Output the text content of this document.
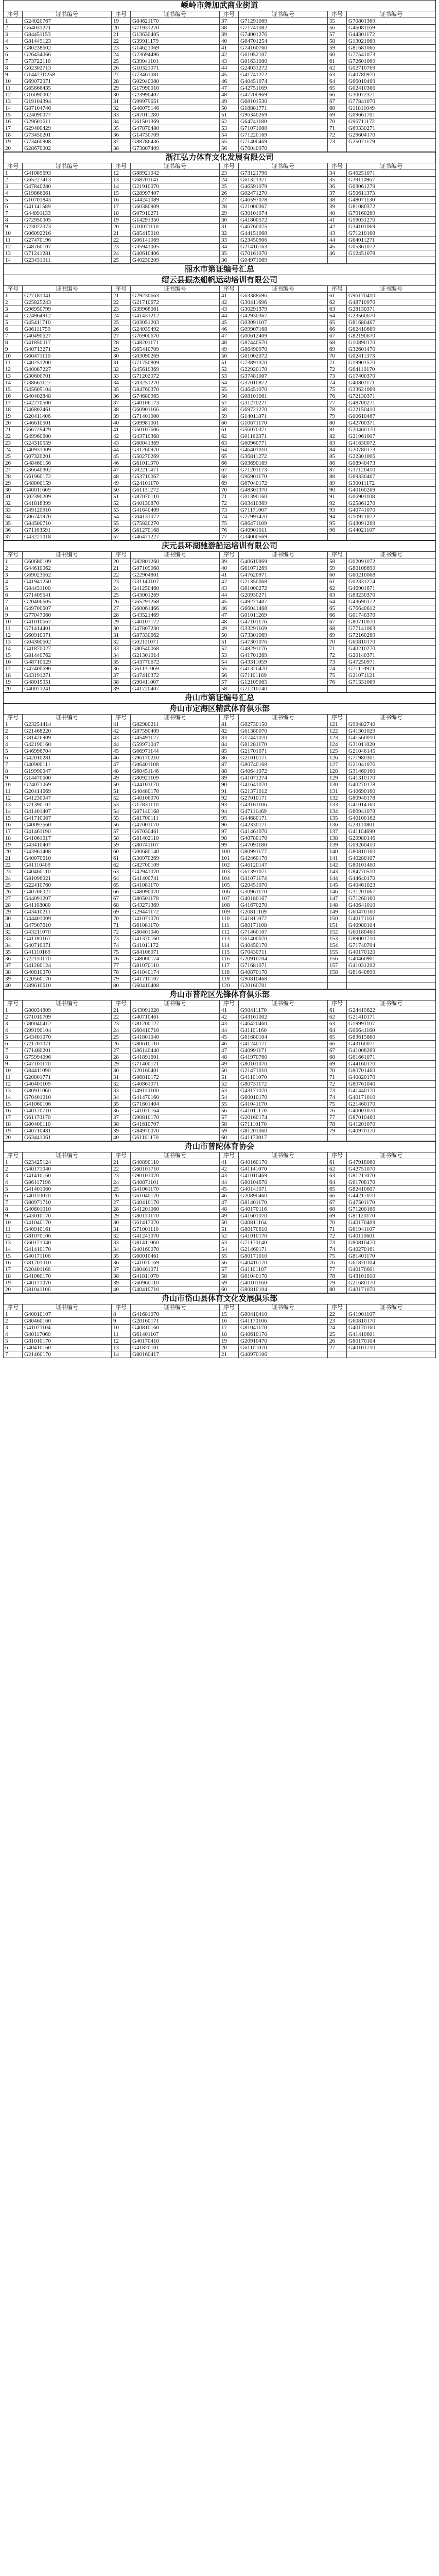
嵊岭市舞加武商业街道
序号	证书编号	序号	证书编号	序号	证书编号	序号	证书编号
1	G24020767	19	G84621170	37	G71291069	55	G70801369
2	G64031271	20	G71931270	38	G71741082	56	G46081169
3	G84451153	21	G13630405	39	G74001276	57	G44301172
4	G81449123	22	G39911179	40	G64701254	58	G13021069
5	G80238602	23	G14621069	41	G74160760	59	G81681066
6	G26434066	24	G23694496	42	G61052107	60	G77541073
7	G73722110	25	G39041101	43	G01631080	61	G72601069
8	G02302713	26	G10321071	44	G24031272	62	G02710769
9	G14473D258	27	G73461081	45	G41741272	63	G40780970
10	G69072071	28	G02940080	46	G40451074	64	G66010469
11	G65666435	29	G17990010	47	G42751169	65	G02410366
12	G16090002	30	G23990407	48	G47700969	66	G30072371
13	G19104394	31	G99979651	49	G68101530	67	G77841070
14	G87104746	32	G46079146	50	G18881771	68	G11811049
15	G24090077	33	G87011280	51	G96340269	69	G09661701
16	G29601611	34	G61501369	52	G64741180	70	G96711172
17	G29400429	35	G47870480	53	G71071080	71	G69330271
18	G73450201	36	G14730709	54	G71220169	72	G29604170
19	G73460908	37	G88786436	55	G71400469	73	G25071179
20	G28670002	38	G73807409	56	G76040970		
浙江弘力体育文化发展有限公司
序号	证书编号	序号	证书编号	序号	证书编号	序号	证书编号
1	G41089693	12	G88921042	23	G73121796	34	G46251071
2	G65227413	13	G68701141	24	G61321371	35	G39110967
3	G47840280	14	G21910070	25	G46591079	36	G03061279
4	G19866661	15	G28997407	26	G02471270	37	G50611373
5	G10701843	16	G44241089	27	G46597078	38	G48071130
6	G41141589	17	G60380909	28	G21000367	39	G81080372
7	G44891133	18	G07910271	29	G30101074	40	G79160269
8	G72950005	19	G14291350	30	G41800572	41	G59031270
9	G23072073	20	G10071110	31	G46760075	42	G34101069
10	G06092216	21	G85415010	32	G44151068	43	G71210168
11	G27470196	22	G06141069	33	G23450906	44	G64011271
12	G48760107	23	G35941005	34	G21416163	45	G05361072
13	G71241281	24	G40610406	35	G70161070	46	G12451078
14	G23431011	25	G40230209	36	G04971069		
丽水市第证编号汇总
缙云县振杰船帆运动培训有限公司
序号	证书编号	序号	证书编号	序号	证书编号	序号	证书编号
1	G27181041	21	G29230663	41	G63388696	61	G96170410
2	G25825243	22	G21710672	42	G30411696	62	G48710970
3	G96950799	23	G39968061	43	G30291379	63	G28130371
4	G24964912	24	G41431212	44	G42930367	64	G23560670
5	G45411710	25	G03051203	45	G03091107	65	G81680467
6	G86111759	26	G24039492	46	G09907168	66	G62410669
7	G40490627	27	G76900670	47	G00612409	67	G82190670
8	G41850017	28	G48201171	48	G87440570	68	G10890170
9	G40713271	29	G65410709	49	G86490970	69	G32601470
10	G60471110	30	G03090269	50	G61002072	70	G02411373
11	G40251200	31	G71750809	51	G73891370	71	G19901570
12	G40087227	32	G45610369	52	G22920170	72	G64110170
13	G30600701	33	G71202072	53	G37481007	73	G17400370
14	G38661127	34	G03251270	54	G37010872	74	G40801171
15	G45605104	35	G84760370	55	G46451070	75	G33621069
16	G40402848	36	G74680965	56	G08101061	76	G72130371
17	G42770500	37	G40106173	57	G31270271	77	G48700271
18	G46802461	38	G60901166	58	G69721270	78	G22150410
19	G20411406	39	G71401000	59	G14011871	79	G00610467
20	G46610501	40	G09981001	60	G10671170	80	G42700371
21	G66729429	41	G50107606	61	G56070371	81	G20460170
22	G49960600	42	G43710368	62	G01160371	82	G21961007
23	G24310559	43	G60041369	63	G60960771	83	G41630072
24	G40931009	44	G31260970	64	G46401010	84	G20780173
25	G07320201	45	G50270269	65	G36811272	85	G22301006
26	G48460156	46	G61011370	66	G03690169	86	G08940473
27	G36640302	47	G02211471	67	G71201173	87	G37120410
28	G61960172	48	G53710067	68	G96901170	88	G69330467
29	G48000159	49	G24101170	69	G67040172	89	G30011172
30	G40011669	50	G61131272	70	G48301370	90	G40160269
31	G02390209	51	G87070110	71	G01390160	91	G06901108
32	G41818399	52	G40130870	72	G03410369	92	G25861270
33	G49120910	53	G41640409	73	G71171007	93	G40741070
34	G06741970	54	G04131072	74	G27991470	94	G10971072
35	G84500710	55	G75820270	75	G86471109	95	G43091269
36	G71163591	56	G61270168	76	G40901011	96	G44021107
37	G43221018	57	G46471227	77	G34000569		
庆元县环湖驰游船运培训有限公司
序号	证书编号	序号	证书编号	序号	证书编号	序号	证书编号
1	G60680109	20	G82801260	39	G40610969	58	G02091072
2	G44610062	21	G87109068	40	G61071269	59	G80108690
3	G69023662	22	G22904801	41	G47620971	60	G60210068
4	G41941250	23	G31140107	42	G21350068	61	G02331274
5	G84431100	24	G41250460	43	G61000272	62	G46901671
6	G71409641	25	G43001269	44	G20930271	63	G83230370
7	G20406605	26	G65291268	45	G49271407	64	G43690172
8	G49700607	27	G60061466	46	G66041468	65	G76640612
9	G77047060	28	G43521469	47	G01011269	66	G01740370
10	G41010667	29	G40107172	48	G47101176	67	G80710070
11	G71414401	30	G47807230	49	G33291169	68	G77141063
12	G60910071	31	G87330662	50	G73301069	69	G72160269
13	G04300602	32	G02111071	51	G47301076	70	G60810170
14	G41870027	33	G80540068	52	G48291176	71	G40210270
15	G81440762	34	G21301014	53	G41701269	72	G20140371
16	G48710629	35	G43770672	54	G43311059	73	G47250971
17	G47400690	36	G61131069	55	G41320470	74	G71110971
18	G43191271	37	G47410372	56	G71101169	75	G21071121
19	G48015051	38	G90411007	57	G12109065	76	G71331069
20	G40071241	39	G41720407	58	G71210740		
舟山市第证编号汇总
舟山市定海区精武体育俱乐部
序号	证书编号	序号	证书编号	序号	证书编号	序号	证书编号
1	G23254414	41	G82980211	81	G82730150	121	G99482740
2	G21468220	42	G87590409	82	G61380070	122	G41301029
3	G81426909	43	G45491127	83	G17441070	123	G41560010
4	G42190160	44	G59971047	84	G81281170	124	G31011020
5	G46996704	45	G66971144	85	G21701071	125	G21046145
6	G42010281	46	G96170210	86	G21010171	126	G71980301
7	G40900111	47	G06401108	87	G80740168	127	G21041076
8	G19990047	48	G60451146	88	G40641072	128	G31460160
9	G14470600	49	G80921109	89	G41071274	129	G41310170
10	G24071069	50	G44101170	90	G41641070	130	G40270178
11	G20414669	51	G40480170	91	G21371012	131	G40690160
12	G41230047	52	G40106070	92	G27010171	132	G80940178
13	G71390107	53	G17831110	93	G43161106	133	G41014160
14	G41401407	54	G87140168	94	G47111469	134	G80941078
15	G41710067	55	G81700111	95	G44680171	135	G40100162
16	G40097660	56	G47001170	96	G42330171	136	G23110801
17	G41461190	57	G67030461	97	G41461070	137	G41104690
18	G41061017	58	G81402110	98	G40780170	138	G20980146
19	G43410407	59	G80741107	99	G47091180	139	G09260410
20	G43961408	60	G00680140	100	G80991177	140	G80810160
21	G40070610	61	G30970269	101	G42460170	141	G40280107
22	G41110409	62	G82700109	102	G46120147	142	G80101460
23	G40460110	63	G42941070	103	G61391071	143	G84770510
24	G81096021	64	G41400741	104	G41071174	144	G44640170
25	G22410760	65	G41081170	105	G20451070	145	G40461023
26	G40706027	66	G48090070	106	G30961170	146	G31201067
27	G44091207	67	G80501178	107	G40180167	147	G71260160
28	G41108080	68	G43271369	108	G41670270	148	G40641010
29	G43410211	69	G29441172	109	G20811109	149	G60470160
30	G44401009	70	G41071070	110	G41811072	150	G40171161
31	G47907610	71	G61081170	111	G80171108	151	G40980104
32	G43211070	72	G80401046	112	G71460107	152	G60180460
33	G41180167	73	G41370160	113	G61400070	153	G89001710
34	G40710071	74	G41011172	114	G40450170	154	G71740704
35	G41110169	75	G84106071	115	G70430711	155	G40170120
36	G22110170	76	G48000174	116	G20910704	156	G40460901
37	G41280124	77	G81070110	117	G71681071	157	G41031202
38	G40810070	78	G41040174	118	G40870170	158	G81640690
39	G20560170	79	G41710107	119	G90810468		
40	G89610610	80	G60410408	120	G20160701		
舟山市普陀区先锋体育俱乐部
序号	证书编号	序号	证书编号	序号	证书编号	序号	证书编号
1	G80034809	21	G43091020	41	G90411170	61	G24419622
2	G71010709	22	G40710461	42	G43161002	62	G21410171
3	G80040412	23	G81200127	43	G46420460	63	G19991107
4	G99190104	24	G60410710	44	G41101160	64	G06641160
5	G43401070	25	G41801040	45	G61680104	65	G83615860
6	G21701071	26	G80610110	46	G41240171	66	G43160071
7	G71460201	27	G86140440	47	G40991171	67	G41008269
8	G75994096	28	G41891601	48	G41970760	68	G61661071
9	G47101170	29	G71400171	49	G80101070	69	G44160170
10	G84411090	30	G20160401	50	G21471010	70	G80701460
11	G20801771	31	G86810172	51	G41101070	71	G40820170
12	G40401109	32	G40861071	52	G80731172	72	G80761040
13	G80911060	33	G49110100	53	G43171070	73	G41440170
14	G70401010	34	G41470160	54	G60010170	74	G40171010
15	G41060106	35	G71601404	55	G41041170	75	G21460170
16	G40170710	36	G41070164	56	G41011170	76	G40001070
17	G61170170	37	G90810170	57	G20160174	77	G87010460
18	G80400110	38	G41610707	58	G71110170	78	G41201070
19	G40710481	39	G84970070	59	G81201060	79	G40970170
20	G63441061	40	G61101170	60	G41170017		
舟山市普陀体育协会
序号	证书编号	序号	证书编号	序号	证书编号	序号	证书编号
1	G23425124	21	G40890110	41	G40160170	61	G47918060
2	G40171040	22	G60101710	42	G41141070	62	G42751070
3	G41410160	23	G90101070	43	G41010469	63	G81211070
4	G86117196	24	G40871101	44	G80104670	64	G61708170
5	G41401060	25	G41061170	45	G40141071	65	G82410607
6	G40110070	26	G61040170	46	G20890460	66	G44217070
7	G80971710	27	G40410170	47	G81401170	67	G47501170
8	G40601010	28	G41201060	48	G40170116	68	G71200166
9	G43010170	29	G80110170	49	G41601070	69	G81120170
10	G41040170	30	G61417070	50	G40811164	70	G40170409
11	G40910161	31	G71001110	51	G80170610	71	G61941107
12	G81070106	32	G41241070	52	G41010170	72	G40110601
13	G60171040	33	G81411060	53	G71170140	73	G80810470
14	G41410170	34	G40160070	54	G21460171	74	G40270161
15	G40171106	35	G60010461	55	G80171010	75	G81401170
16	G81701010	36	G41070169	56	G40410170	76	G61870104
17	G20401166	37	G80461071	57	G41101107	77	G40170601
18	G41060170	38	G41811070	58	G61040170	78	G43101010
19	G40171070	39	G60960110	59	G40101160	79	G21680170
20	G81041106	40	G40410710	60	G80810104	80	G40171070
舟山市岱山县体育文化发展俱乐部
序号	证书编号	序号	证书编号	序号	证书编号	序号	证书编号
1	G40010107	8	G41681070	15	G80410410	22	G41901107
2	G80460160	9	G20160171	16	G41170106	23	G60810170
3	G41071104	10	G40810160	17	G81041170	24	G40170160
4	G40117060	11	G61401107	18	G40610170	25	G41410601
5	G81010170	12	G40170410	19	G20910470	26	G80170104
6	G40410160	13	G41870101	20	G61101070	27	G40101710
7	G21460170	14	G80160417	21	G40970106		
